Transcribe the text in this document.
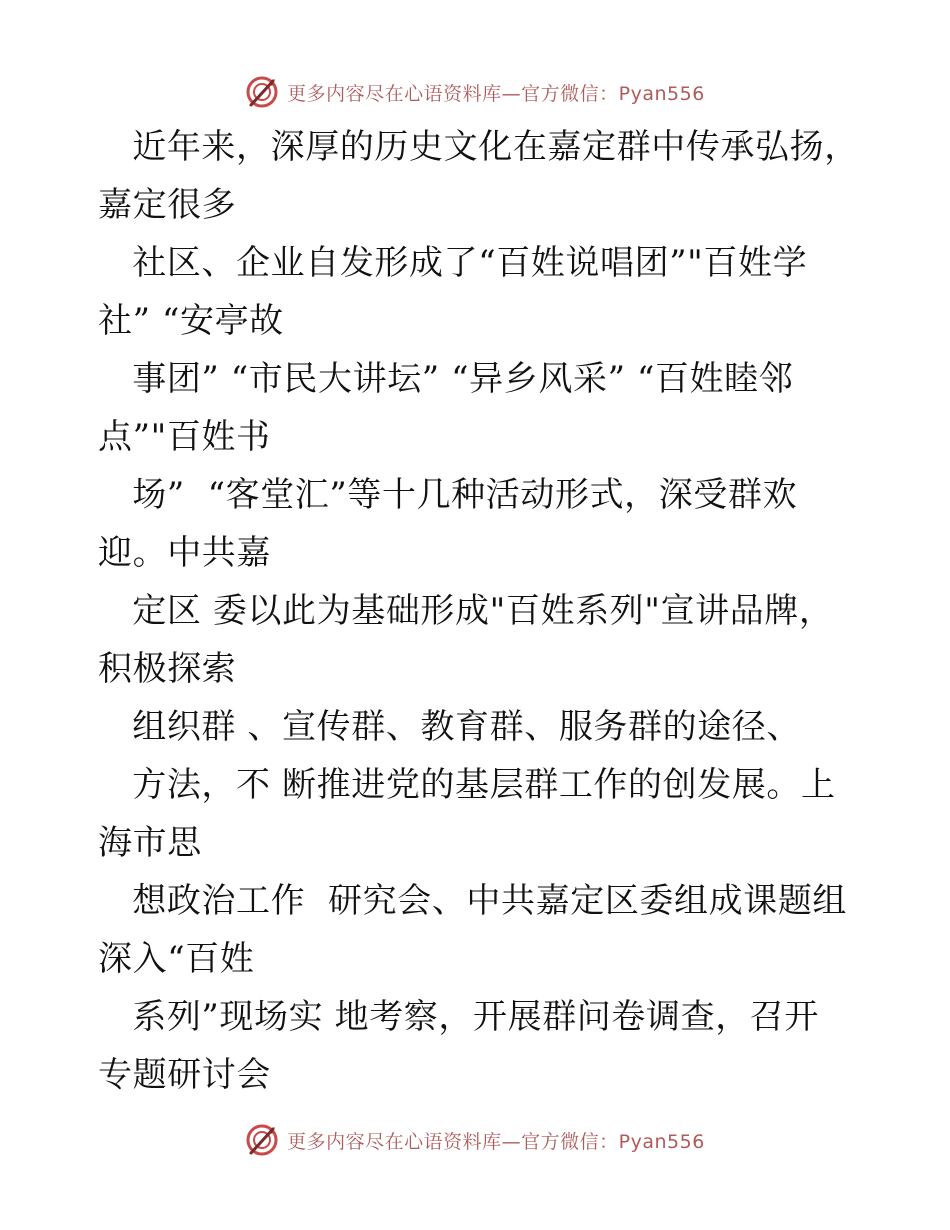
更多内容尽在心语资料库—官方微信：Pyan556
近年来，深厚的历史文化在嘉定群中传承弘扬，
嘉定很多
社区、企业自发形成了“百姓说唱团”"百姓学
社” “安亭故
事团” “市民大讲坛” “异乡风采” “百姓睦邻
点”"百姓书
场”  “客堂汇”等十几种活动形式，深受群欢
迎。中共嘉
定区 委以此为基础形成"百姓系列"宣讲品牌，
积极探索
组织群 、宣传群、教育群、服务群的途径、
方法，不 断推进党的基层群工作的创发展。上
海市思
想政治工作  研究会、中共嘉定区委组成课题组
深入“百姓
系列”现场实 地考察，开展群问卷调查，召开
专题研讨会
更多内容尽在心语资料库—官方微信：Pyan556
